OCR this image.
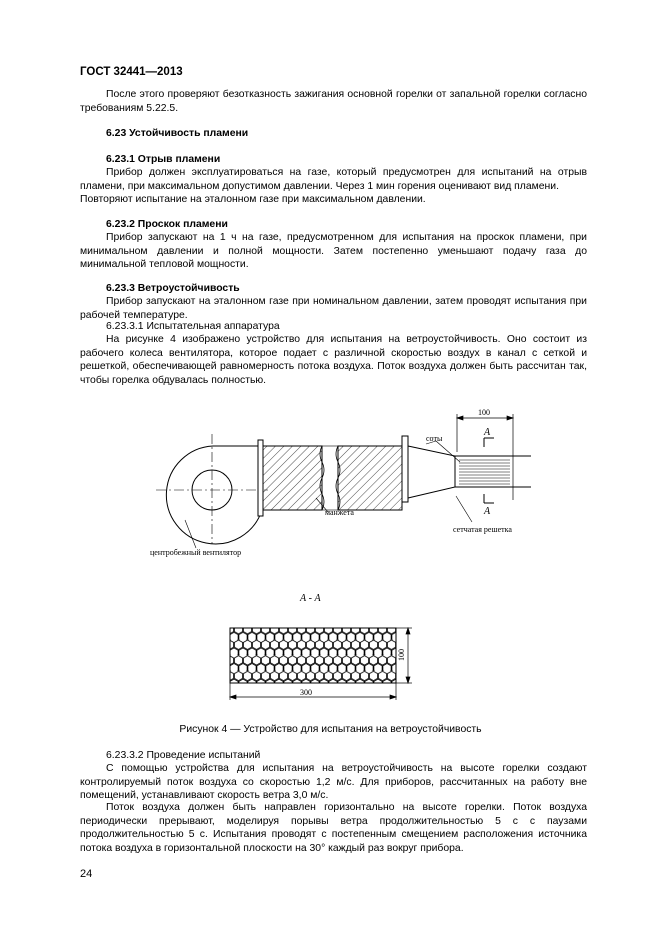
ГОСТ 32441—2013
После этого проверяют безотказность зажигания основной горелки от запальной горелки согласно требованиям 5.22.5.
6.23 Устойчивость пламени
6.23.1 Отрыв пламени
Прибор должен эксплуатироваться на газе, который предусмотрен для испытаний на отрыв пламени, при максимальном допустимом давлении. Через 1 мин горения оценивают вид пламени.
Повторяют испытание на эталонном газе при максимальном давлении.
6.23.2 Проскок пламени
Прибор запускают на 1 ч на газе, предусмотренном для испытания на проскок пламени, при минимальном давлении и полной мощности. Затем постепенно уменьшают подачу газа до минимальной тепловой мощности.
6.23.3 Ветроустойчивость
Прибор запускают на эталонном газе при номинальном давлении, затем проводят испытания при рабочей температуре.
6.23.3.1 Испытательная аппаратура
На рисунке 4 изображено устройство для испытания на ветроустойчивость. Оно состоит из рабочего колеса вентилятора, которое подает с различной скоростью воздух в канал с сеткой и решеткой, обеспечивающей равномерность потока воздуха. Поток воздуха должен быть рассчитан так, чтобы горелка обдувалась полностью.
100
А
А
соты
манжета
центробежный вентилятор
сетчатая решетка
А - А
300
100
Рисунок 4 — Устройство для испытания на ветроустойчивость
6.23.3.2 Проведение испытаний
С помощью устройства для испытания на ветроустойчивость на высоте горелки создают контролируемый поток воздуха со скоростью 1,2 м/с. Для приборов, рассчитанных на работу вне помещений, устанавливают скорость ветра 3,0 м/с.
Поток воздуха должен быть направлен горизонтально на высоте горелки. Поток воздуха периодически прерывают, моделируя порывы ветра продолжительностью 5 с с паузами продолжительностью 5 с. Испытания проводят с постепенным смещением расположения источника потока воздуха в горизонтальной плоскости на 30° каждый раз вокруг прибора.
24
